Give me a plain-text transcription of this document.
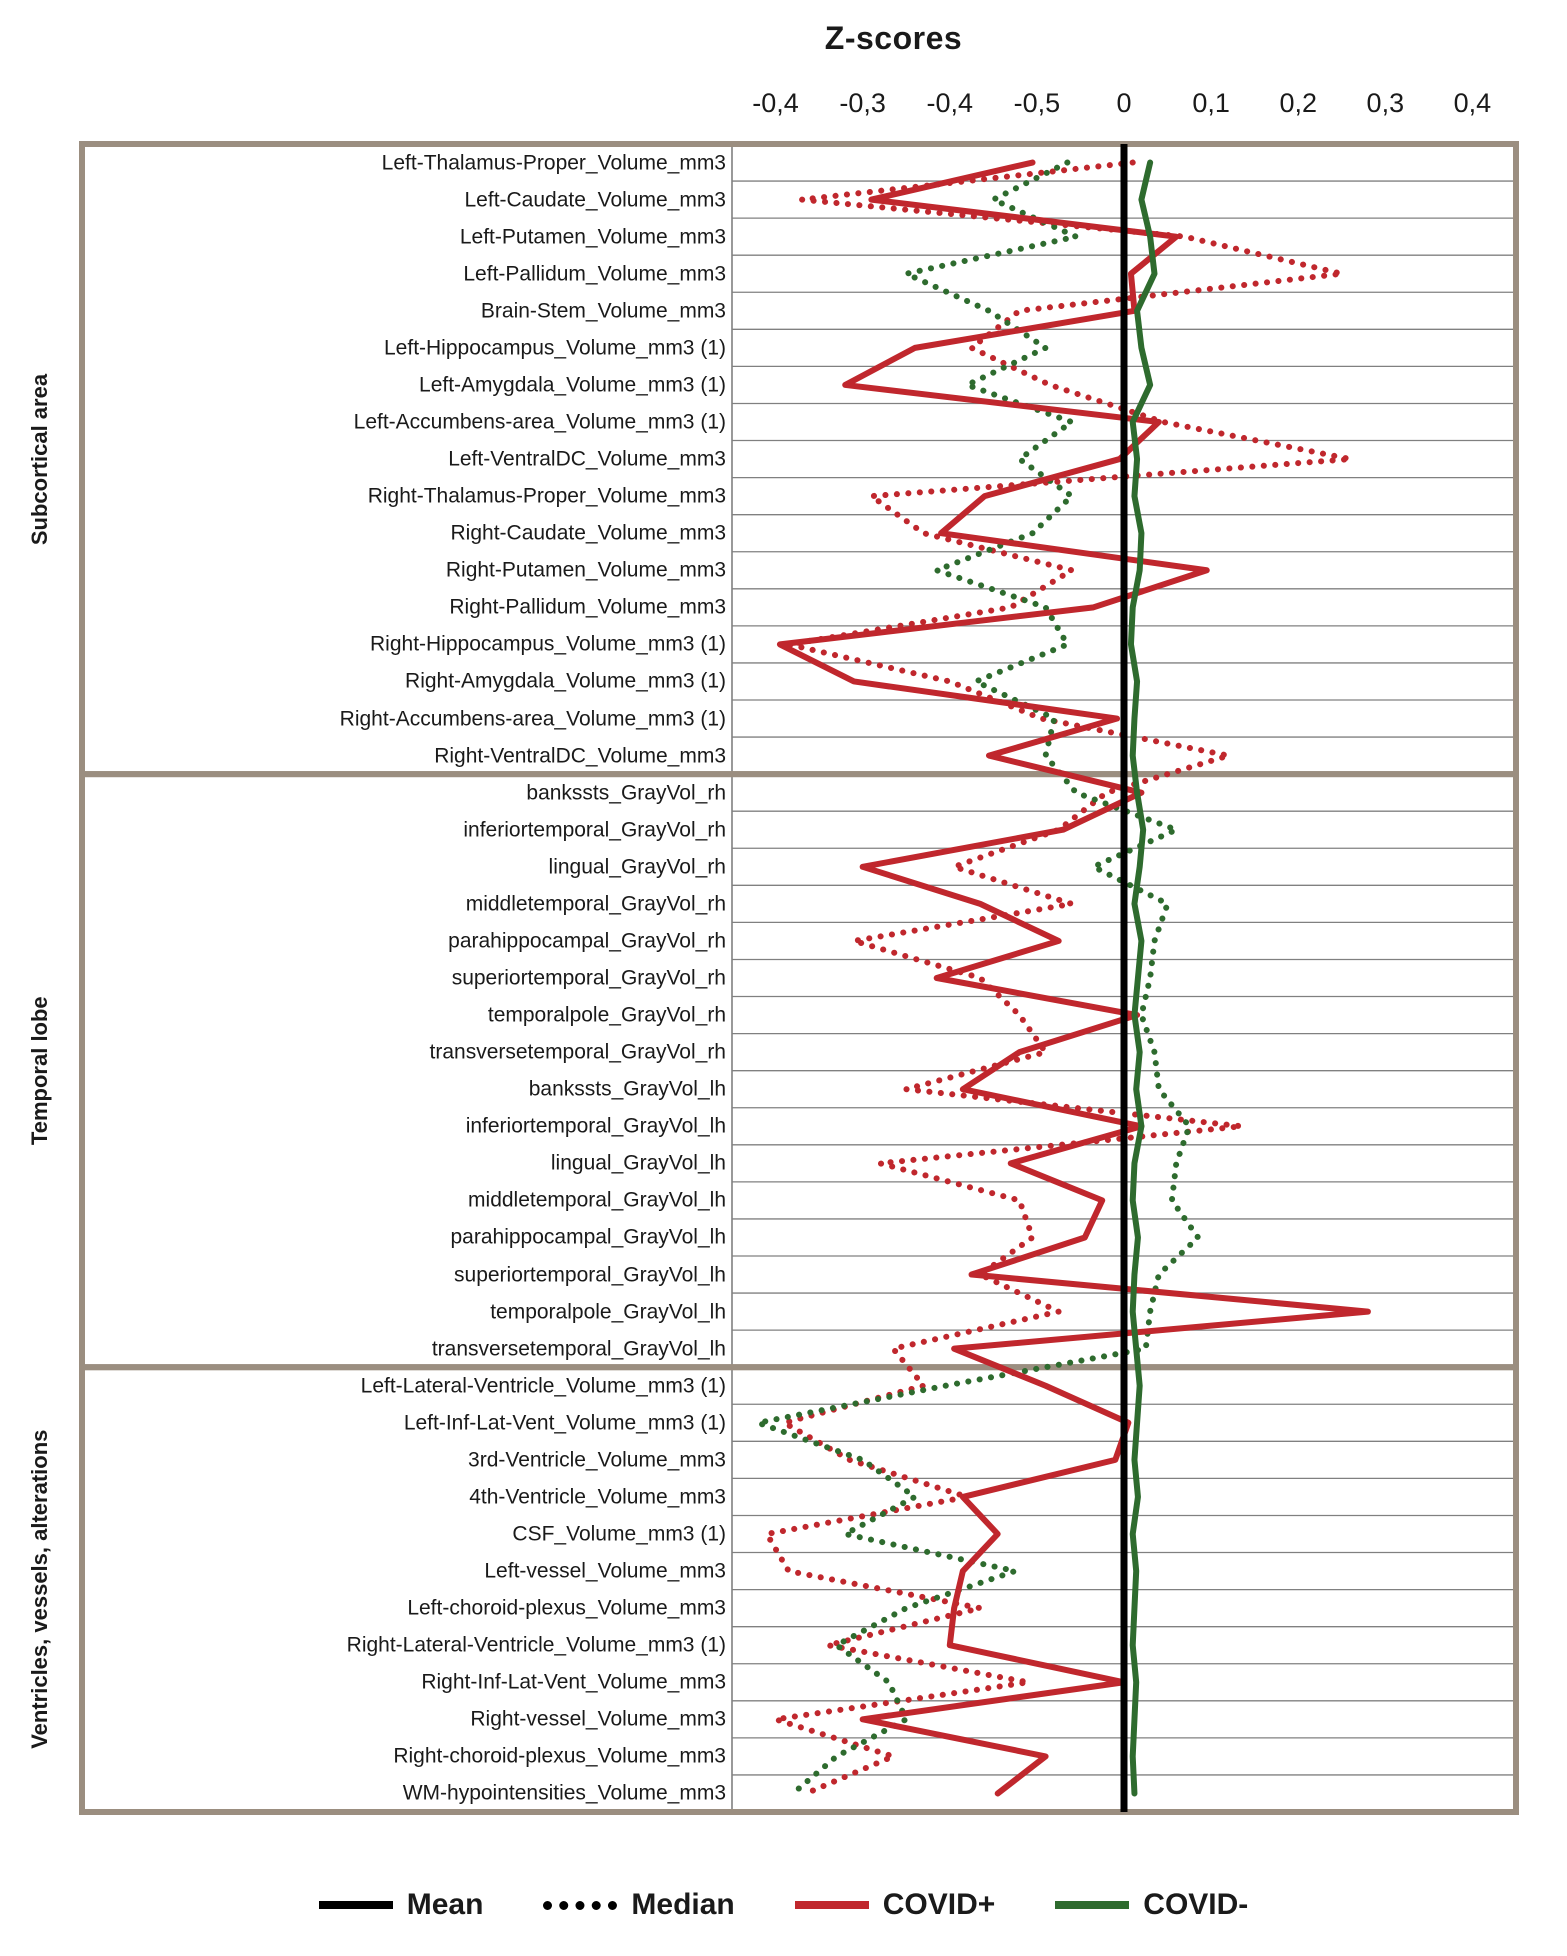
Z-scores
-0,4 -0,3 -0,4 -0,5 0 0,1 0,2 0,3 0,4
Left-Thalamus-Proper_Volume_mm3
Left-Caudate_Volume_mm3
Left-Putamen_Volume_mm3
Left-Pallidum_Volume_mm3
Brain-Stem_Volume_mm3
Left-Hippocampus_Volume_mm3 (1)
Left-Amygdala_Volume_mm3 (1)
Left-Accumbens-area_Volume_mm3 (1)
Left-VentralDC_Volume_mm3
Right-Thalamus-Proper_Volume_mm3
Right-Caudate_Volume_mm3
Right-Putamen_Volume_mm3
Right-Pallidum_Volume_mm3
Right-Hippocampus_Volume_mm3 (1)
Right-Amygdala_Volume_mm3 (1)
Right-Accumbens-area_Volume_mm3 (1)
Right-VentralDC_Volume_mm3
bankssts_GrayVol_rh
inferiortemporal_GrayVol_rh
lingual_GrayVol_rh
middletemporal_GrayVol_rh
parahippocampal_GrayVol_rh
superiortemporal_GrayVol_rh
temporalpole_GrayVol_rh
transversetemporal_GrayVol_rh
bankssts_GrayVol_lh
inferiortemporal_GrayVol_lh
lingual_GrayVol_lh
middletemporal_GrayVol_lh
parahippocampal_GrayVol_lh
superiortemporal_GrayVol_lh
temporalpole_GrayVol_lh
transversetemporal_GrayVol_lh
Left-Lateral-Ventricle_Volume_mm3 (1)
Left-Inf-Lat-Vent_Volume_mm3 (1)
3rd-Ventricle_Volume_mm3
4th-Ventricle_Volume_mm3
CSF_Volume_mm3 (1)
Left-vessel_Volume_mm3
Left-choroid-plexus_Volume_mm3
Right-Lateral-Ventricle_Volume_mm3 (1)
Right-Inf-Lat-Vent_Volume_mm3
Right-vessel_Volume_mm3
Right-choroid-plexus_Volume_mm3
WM-hypointensities_Volume_mm3
Subcortical area
Temporal lobe
Ventricles, vessels, alterations
Mean	Median	COVID+	COVID-
